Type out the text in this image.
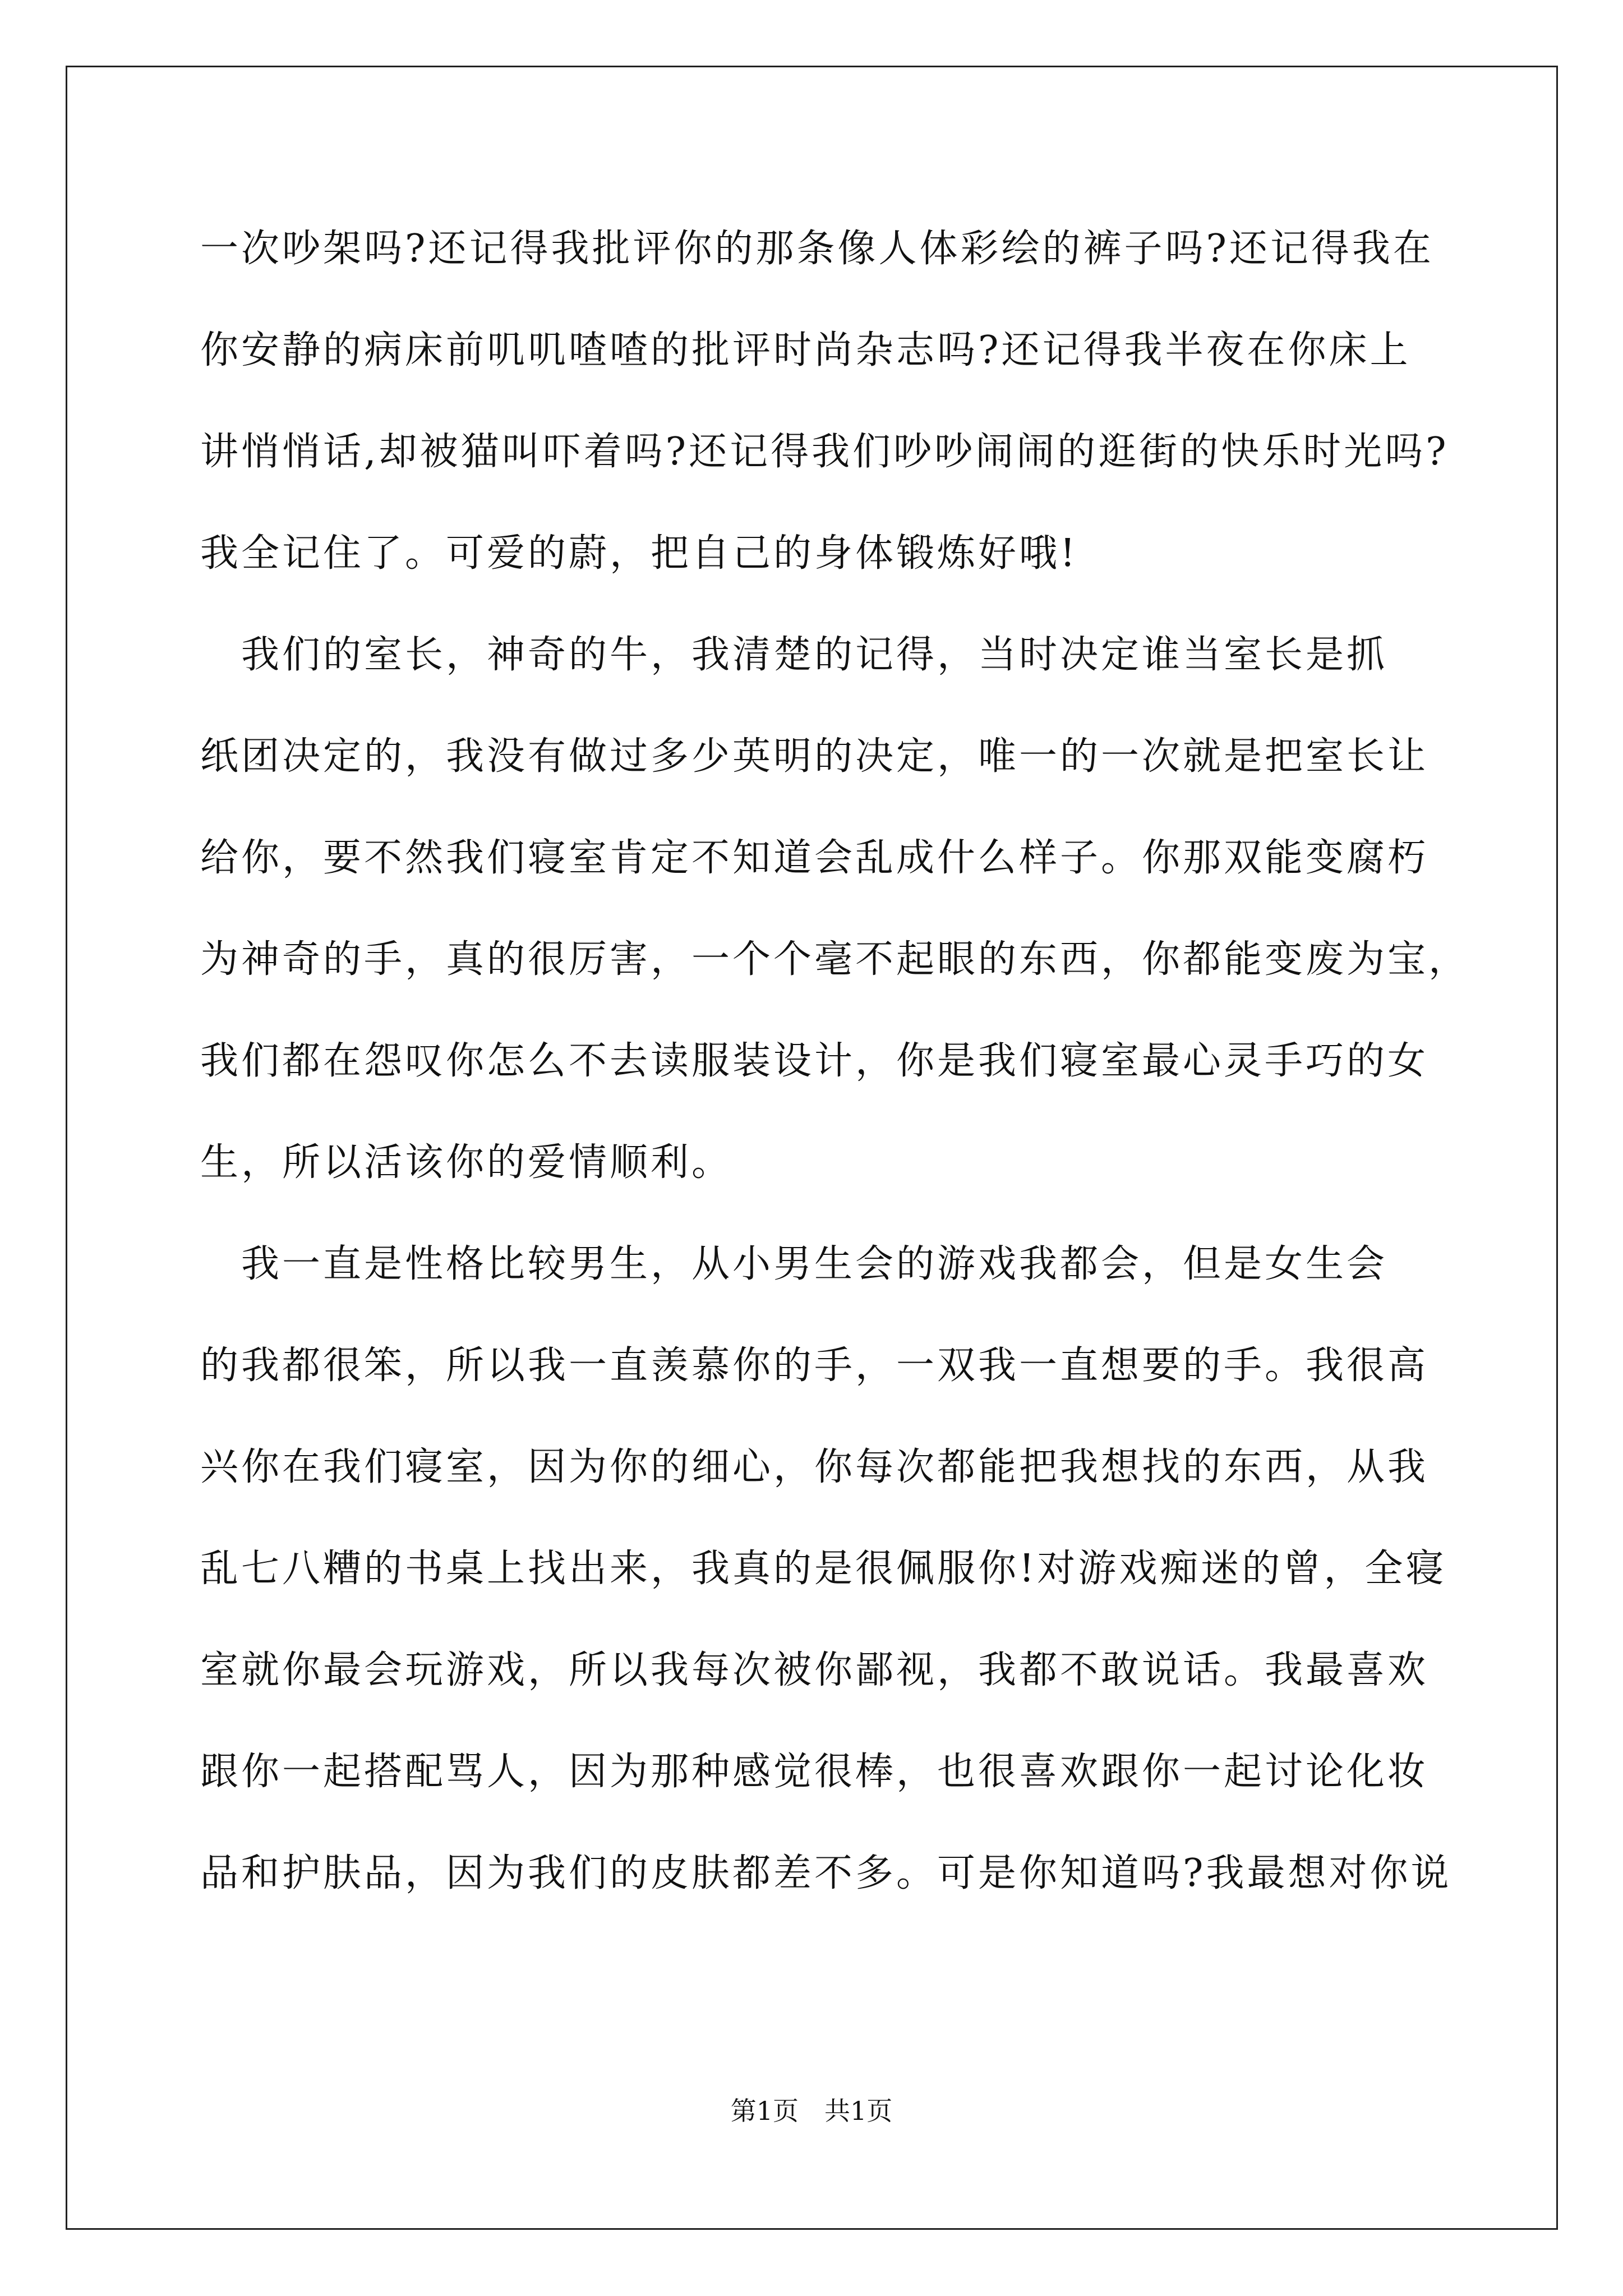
一次吵架吗?还记得我批评你的那条像人体彩绘的裤子吗?还记得我在
你安静的病床前叽叽喳喳的批评时尚杂志吗?还记得我半夜在你床上
讲悄悄话,却被猫叫吓着吗?还记得我们吵吵闹闹的逛街的快乐时光吗?
我全记住了。可爱的蔚，把自己的身体锻炼好哦!
　我们的室长，神奇的牛，我清楚的记得，当时决定谁当室长是抓
纸团决定的，我没有做过多少英明的决定，唯一的一次就是把室长让
给你，要不然我们寝室肯定不知道会乱成什么样子。你那双能变腐朽
为神奇的手，真的很厉害，一个个毫不起眼的东西，你都能变废为宝，
我们都在怨叹你怎么不去读服装设计，你是我们寝室最心灵手巧的女
生，所以活该你的爱情顺利。
　我一直是性格比较男生，从小男生会的游戏我都会，但是女生会
的我都很笨，所以我一直羡慕你的手，一双我一直想要的手。我很高
兴你在我们寝室，因为你的细心，你每次都能把我想找的东西，从我
乱七八糟的书桌上找出来，我真的是很佩服你!对游戏痴迷的曾，全寝
室就你最会玩游戏，所以我每次被你鄙视，我都不敢说话。我最喜欢
跟你一起搭配骂人，因为那种感觉很棒，也很喜欢跟你一起讨论化妆
品和护肤品，因为我们的皮肤都差不多。可是你知道吗?我最想对你说
第1页　共1页
